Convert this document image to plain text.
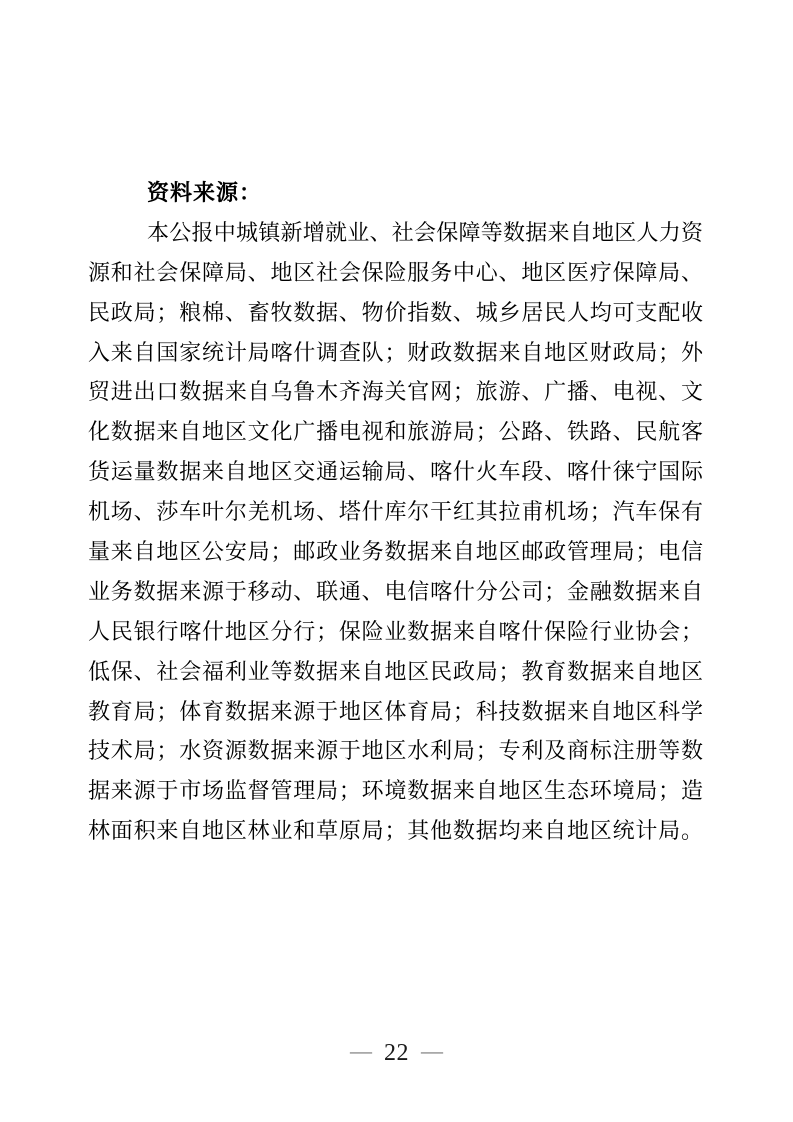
资料来源：
本公报中城镇新增就业、社会保障等数据来自地区人力资
源和社会保障局、地区社会保险服务中心、地区医疗保障局、
民政局；粮棉、畜牧数据、物价指数、城乡居民人均可支配收
入来自国家统计局喀什调查队；财政数据来自地区财政局；外
贸进出口数据来自乌鲁木齐海关官网；旅游、广播、电视、文
化数据来自地区文化广播电视和旅游局；公路、铁路、民航客
货运量数据来自地区交通运输局、喀什火车段、喀什徕宁国际
机场、莎车叶尔羌机场、塔什库尔干红其拉甫机场；汽车保有
量来自地区公安局；邮政业务数据来自地区邮政管理局；电信
业务数据来源于移动、联通、电信喀什分公司；金融数据来自
人民银行喀什地区分行；保险业数据来自喀什保险行业协会；
低保、社会福利业等数据来自地区民政局；教育数据来自地区
教育局；体育数据来源于地区体育局；科技数据来自地区科学
技术局；水资源数据来源于地区水利局；专利及商标注册等数
据来源于市场监督管理局；环境数据来自地区生态环境局；造
林面积来自地区林业和草原局；其他数据均来自地区统计局。
— 22 —
